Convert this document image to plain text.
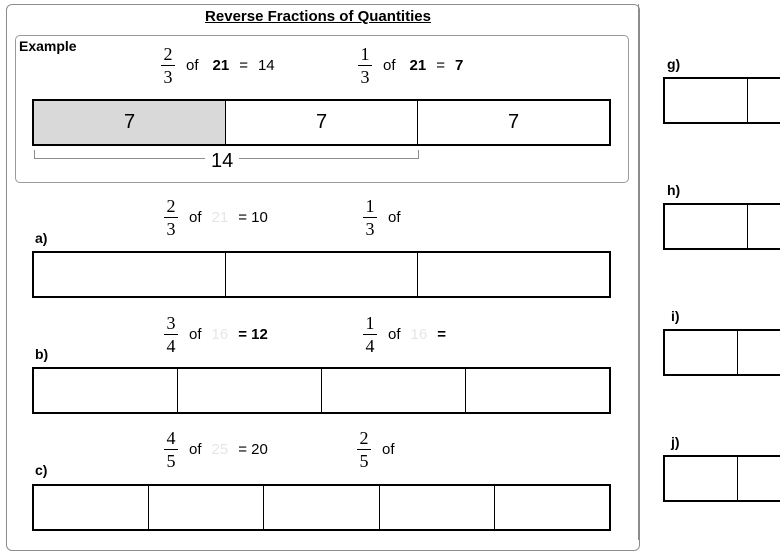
Reverse Fractions of Quantities
Example	$\frac{2}{3}$ of 21 = 14	$\frac{1}{3}$ of 21 = 7
7	7	7
14
a)	$\frac{2}{3}$ of 21 = 10	$\frac{1}{3}$ of
b)	$\frac{3}{4}$ of 16 = 12	$\frac{1}{4}$ of 16 =
c)	$\frac{4}{5}$ of 25 = 20	$\frac{2}{5}$ of
g)
h)
i)
j)
